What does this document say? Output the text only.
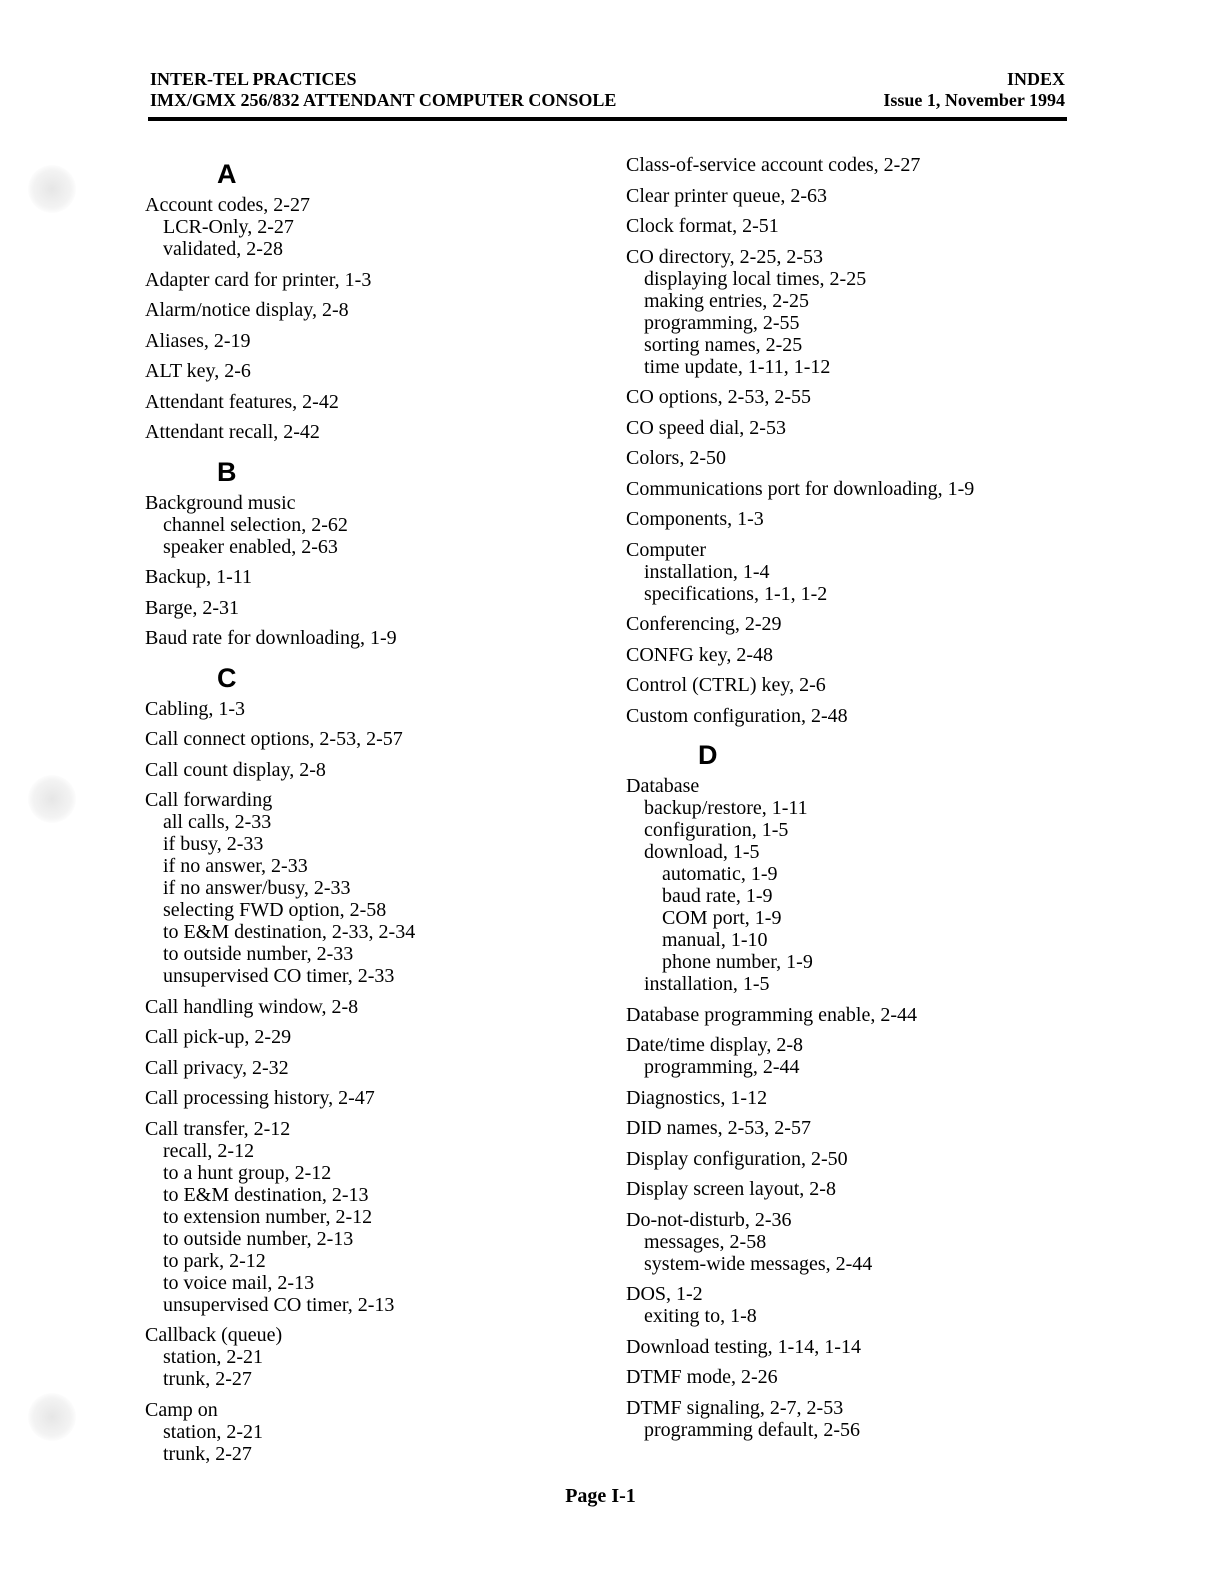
INTER-TEL PRACTICES
IMX/GMX 256/832 ATTENDANT COMPUTER CONSOLE
INDEX
Issue 1, November 1994
A
Account codes, 2-27
LCR-Only, 2-27
validated, 2-28
Adapter card for printer, 1-3
Alarm/notice display, 2-8
Aliases, 2-19
ALT key, 2-6
Attendant features, 2-42
Attendant recall, 2-42
B
Background music
channel selection, 2-62
speaker enabled, 2-63
Backup, 1-11
Barge, 2-31
Baud rate for downloading, 1-9
C
Cabling, 1-3
Call connect options, 2-53, 2-57
Call count display, 2-8
Call forwarding
all calls, 2-33
if busy, 2-33
if no answer, 2-33
if no answer/busy, 2-33
selecting FWD option, 2-58
to E&M destination, 2-33, 2-34
to outside number, 2-33
unsupervised CO timer, 2-33
Call handling window, 2-8
Call pick-up, 2-29
Call privacy, 2-32
Call processing history, 2-47
Call transfer, 2-12
recall, 2-12
to a hunt group, 2-12
to E&M destination, 2-13
to extension number, 2-12
to outside number, 2-13
to park, 2-12
to voice mail, 2-13
unsupervised CO timer, 2-13
Callback (queue)
station, 2-21
trunk, 2-27
Camp on
station, 2-21
trunk, 2-27
Class-of-service account codes, 2-27
Clear printer queue, 2-63
Clock format, 2-51
CO directory, 2-25, 2-53
displaying local times, 2-25
making entries, 2-25
programming, 2-55
sorting names, 2-25
time update, 1-11, 1-12
CO options, 2-53, 2-55
CO speed dial, 2-53
Colors, 2-50
Communications port for downloading, 1-9
Components, 1-3
Computer
installation, 1-4
specifications, 1-1, 1-2
Conferencing, 2-29
CONFG key, 2-48
Control (CTRL) key, 2-6
Custom configuration, 2-48
D
Database
backup/restore, 1-11
configuration, 1-5
download, 1-5
automatic, 1-9
baud rate, 1-9
COM port, 1-9
manual, 1-10
phone number, 1-9
installation, 1-5
Database programming enable, 2-44
Date/time display, 2-8
programming, 2-44
Diagnostics, 1-12
DID names, 2-53, 2-57
Display configuration, 2-50
Display screen layout, 2-8
Do-not-disturb, 2-36
messages, 2-58
system-wide messages, 2-44
DOS, 1-2
exiting to, 1-8
Download testing, 1-14, 1-14
DTMF mode, 2-26
DTMF signaling, 2-7, 2-53
programming default, 2-56
Page I-1
